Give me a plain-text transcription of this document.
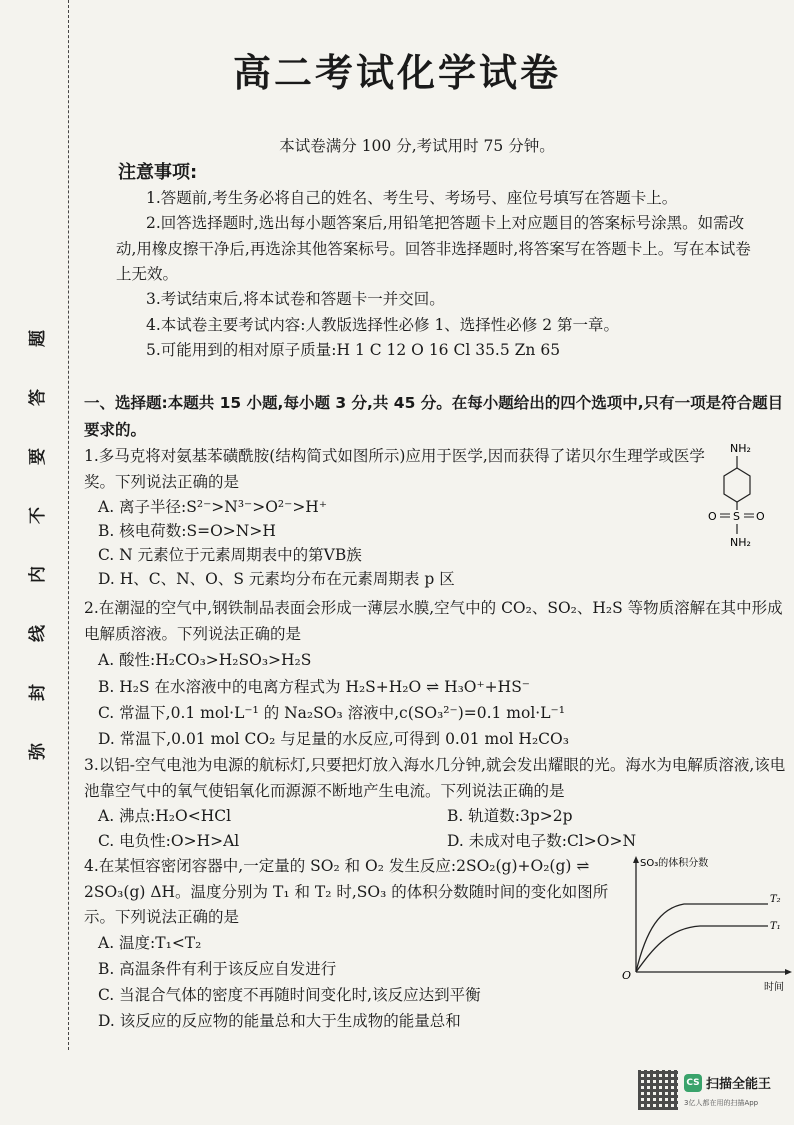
题
答
要
不
内
线
封
弥
高二考试化学试卷
本试卷满分 100 分,考试用时 75 分钟。
注意事项:
1.答题前,考生务必将自己的姓名、考生号、考场号、座位号填写在答题卡上。
2.回答选择题时,选出每小题答案后,用铅笔把答题卡上对应题目的答案标号涂黑。如需改动,用橡皮擦干净后,再选涂其他答案标号。回答非选择题时,将答案写在答题卡上。写在本试卷上无效。
3.考试结束后,将本试卷和答题卡一并交回。
4.本试卷主要考试内容:人教版选择性必修 1、选择性必修 2 第一章。
5.可能用到的相对原子质量:H 1 C 12 O 16 Cl 35.5 Zn 65
一、选择题:本题共 15 小题,每小题 3 分,共 45 分。在每小题给出的四个选项中,只有一项是符合题目要求的。
1.多马克将对氨基苯磺酰胺(结构简式如图所示)应用于医学,因而获得了诺贝尔生理学或医学奖。下列说法正确的是
A. 离子半径:S²⁻>N³⁻>O²⁻>H⁺
B. 核电荷数:S=O>N>H
C. N 元素位于元素周期表中的第ⅤB族
D. H、C、N、O、S 元素均分布在元素周期表 p 区
NH₂
S
O	O
NH₂
2.在潮湿的空气中,钢铁制品表面会形成一薄层水膜,空气中的 CO₂、SO₂、H₂S 等物质溶解在其中形成电解质溶液。下列说法正确的是
A. 酸性:H₂CO₃>H₂SO₃>H₂S
B. H₂S 在水溶液中的电离方程式为 H₂S+H₂O ⇌ H₃O⁺+HS⁻
C. 常温下,0.1 mol·L⁻¹ 的 Na₂SO₃ 溶液中,c(SO₃²⁻)=0.1 mol·L⁻¹
D. 常温下,0.01 mol CO₂ 与足量的水反应,可得到 0.01 mol H₂CO₃
3.以铝-空气电池为电源的航标灯,只要把灯放入海水几分钟,就会发出耀眼的光。海水为电解质溶液,该电池靠空气中的氧气使铝氧化而源源不断地产生电流。下列说法正确的是
A. 沸点:H₂O<HCl	B. 轨道数:3p>2p
C. 电负性:O>H>Al	D. 未成对电子数:Cl>O>N
4.在某恒容密闭容器中,一定量的 SO₂ 和 O₂ 发生反应:2SO₂(g)+O₂(g) ⇌ 2SO₃(g) ΔH。温度分别为 T₁ 和 T₂ 时,SO₃ 的体积分数随时间的变化如图所示。下列说法正确的是
A. 温度:T₁<T₂
B. 高温条件有利于该反应自发进行
C. 当混合气体的密度不再随时间变化时,该反应达到平衡
D. 该反应的反应物的能量总和大于生成物的能量总和
SO₃的体积分数
时间
O
T₂
T₁
CS 扫描全能王
3亿人都在用的扫描App
